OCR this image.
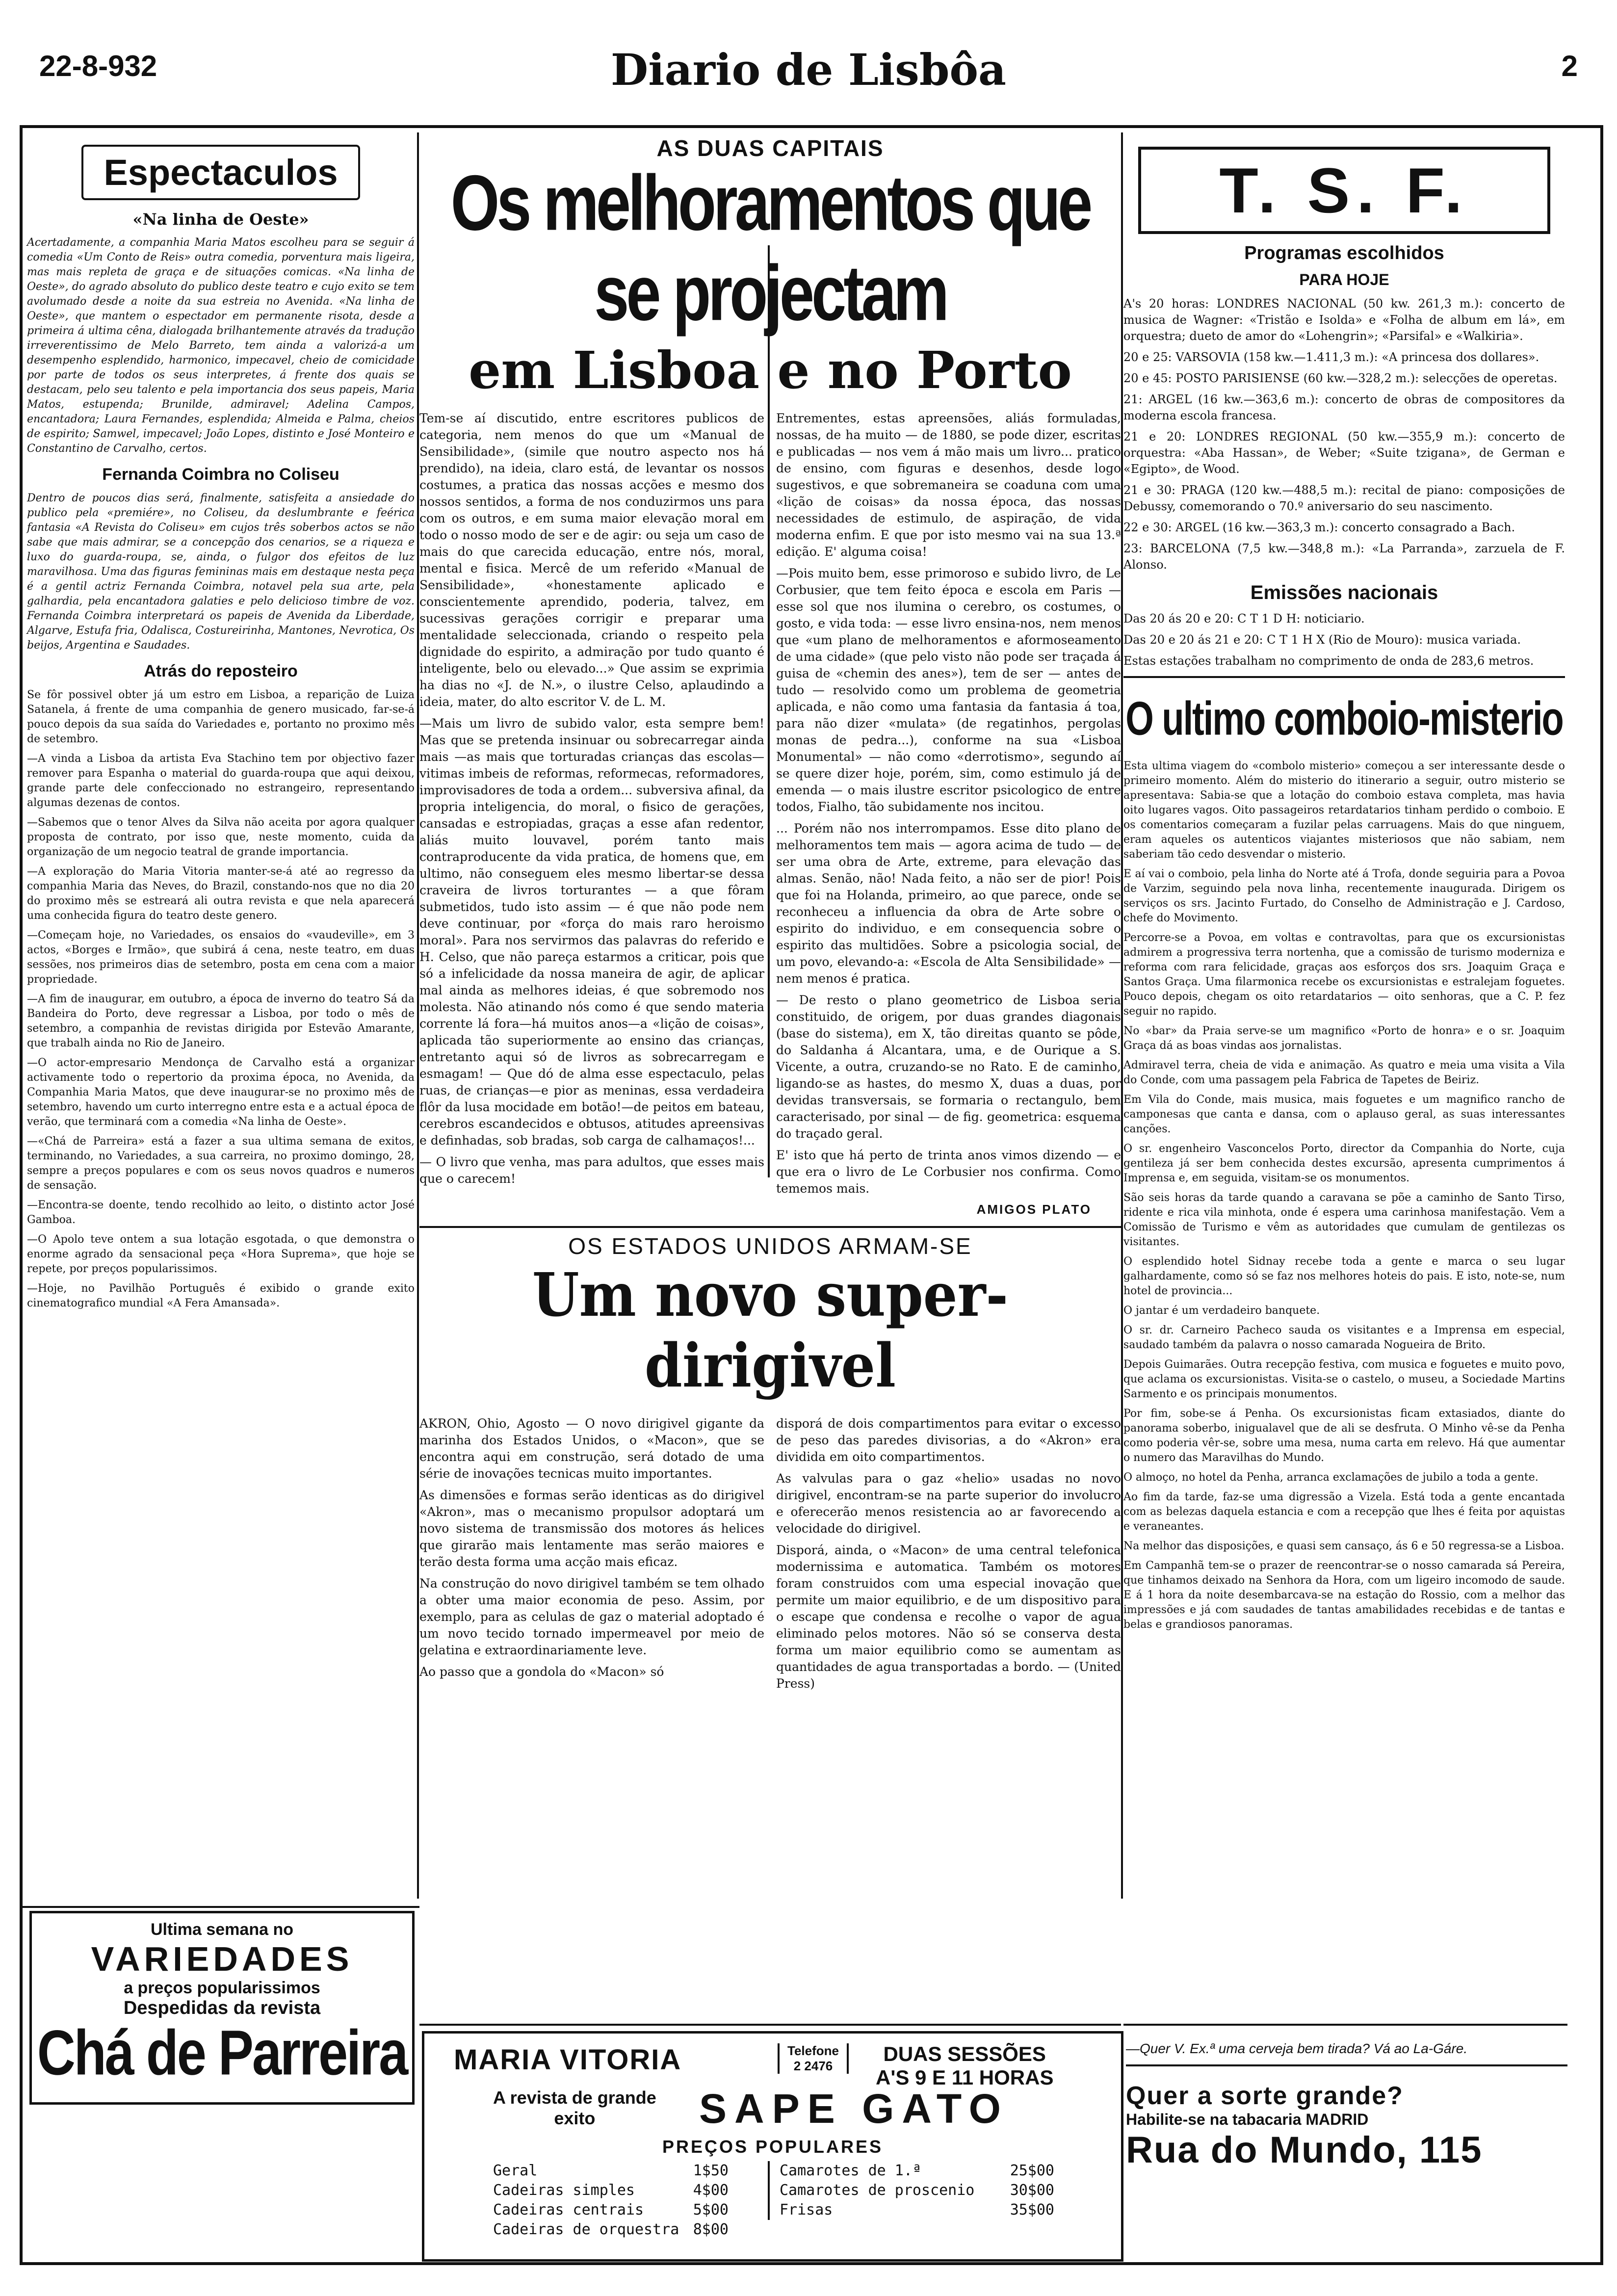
22-8-932	Diario de Lisbôa	2
Espectaculos
«Na linha de Oeste»

Acertadamente, a companhia Maria Matos escolheu para se seguir á comedia «Um Conto de Reis» outra comedia, porventura mais ligeira, mas mais repleta de graça e de situações comicas. «Na linha de Oeste», do agrado absoluto do publico deste teatro e cujo exito se tem avolumado desde a noite da sua estreia no Avenida. «Na linha de Oeste», que mantem o espectador em permanente risota, desde a primeira á ultima cêna, dialogada brilhantemente através da tradução irreverentissimo de Melo Barreto, tem ainda a valorizá-a um desempenho esplendido, harmonico, impecavel, cheio de comicidade por parte de todos os seus interpretes, á frente dos quais se destacam, pelo seu talento e pela importancia dos seus papeis, Maria Matos, estupenda; Brunilde, admiravel; Adelina Campos, encantadora; Laura Fernandes, esplendida; Almeida e Palma, cheios de espirito; Samwel, impecavel; João Lopes, distinto e José Monteiro e Constantino de Carvalho, certos.

Fernanda Coimbra no Coliseu

Dentro de poucos dias será, finalmente, satisfeita a ansiedade do publico pela «premiére», no Coliseu, da deslumbrante e feérica fantasia «A Revista do Coliseu» em cujos três soberbos actos se não sabe que mais admirar, se a concepção dos cenarios, se a riqueza e luxo do guarda-roupa, se, ainda, o fulgor dos efeitos de luz maravilhosa. Uma das figuras femininas mais em destaque nesta peça é a gentil actriz Fernanda Coimbra, notavel pela sua arte, pela galhardia, pela encantadora galaties e pelo delicioso timbre de voz. Fernanda Coimbra interpretará os papeis de Avenida da Liberdade, Algarve, Estufa fria, Odalisca, Costureirinha, Mantones, Nevrotica, Os beijos, Argentina e Saudades.

Atrás do reposteiro

Se fôr possivel obter já um estro em Lisboa, a reparição de Luiza Satanela, á frente de uma companhia de genero musicado, far-se-á pouco depois da sua saída do Variedades e, portanto no proximo mês de setembro.

—A vinda a Lisboa da artista Eva Stachino tem por objectivo fazer remover para Espanha o material do guarda-roupa que aqui deixou, grande parte dele confeccionado no estrangeiro, representando algumas dezenas de contos.

—Sabemos que o tenor Alves da Silva não aceita por agora qualquer proposta de contrato, por isso que, neste momento, cuida da organização de um negocio teatral de grande importancia.

—A exploração do Maria Vitoria manter-se-á até ao regresso da companhia Maria das Neves, do Brazil, constando-nos que no dia 20 do proximo mês se estreará ali outra revista e que nela aparecerá uma conhecida figura do teatro deste genero.

—Começam hoje, no Variedades, os ensaios do «vaudeville», em 3 actos, «Borges e Irmão», que subirá á cena, neste teatro, em duas sessões, nos primeiros dias de setembro, posta em cena com a maior propriedade.

—A fim de inaugurar, em outubro, a época de inverno do teatro Sá da Bandeira do Porto, deve regressar a Lisboa, por todo o mês de setembro, a companhia de revistas dirigida por Estevão Amarante, que trabalh ainda no Rio de Janeiro.

—O actor-empresario Mendonça de Carvalho está a organizar activamente todo o repertorio da proxima época, no Avenida, da Companhia Maria Matos, que deve inaugurar-se no proximo mês de setembro, havendo um curto interregno entre esta e a actual época de verão, que terminará com a comedia «Na linha de Oeste».

—«Chá de Parreira» está a fazer a sua ultima semana de exitos, terminando, no Variedades, a sua carreira, no proximo domingo, 28, sempre a preços populares e com os seus novos quadros e numeros de sensação.

—Encontra-se doente, tendo recolhido ao leito, o distinto actor José Gamboa.

—O Apolo teve ontem a sua lotação esgotada, o que demonstra o enorme agrado da sensacional peça «Hora Suprema», que hoje se repete, por preços popularissimos.

—Hoje, no Pavilhão Português é exibido o grande exito cinematografico mundial «A Fera Amansada».

Ultima semana no
VARIEDADES
a preços popularissimos
Despedidas da revista
Chá de Parreira
AS DUAS CAPITAIS
Os melhoramentos que se projectam
em Lisboa e no Porto

Tem-se aí discutido, entre escritores publicos de categoria, nem menos do que um «Manual de Sensibilidade», (simile que noutro aspecto nos há prendido), na ideia, claro está, de levantar os nossos costumes, a pratica das nossas acções e mesmo dos nossos sentidos, a forma de nos conduzirmos uns para com os outros, e em suma maior elevação moral em todo o nosso modo de ser e de agir: ou seja um caso de mais do que carecida educação, entre nós, moral, mental e fisica. Mercê de um referido «Manual de Sensibilidade», «honestamente aplicado e conscientemente aprendido, poderia, talvez, em sucessivas gerações corrigir e preparar uma mentalidade seleccionada, criando o respeito pela dignidade do espirito, a admiração por tudo quanto é inteligente, belo ou elevado...» Que assim se exprimia ha dias no «J. de N.», o ilustre Celso, aplaudindo a ideia, mater, do alto escritor V. de L. M.

—Mais um livro de subido valor, esta sempre bem! Mas que se pretenda insinuar ou sobrecarregar ainda mais —as mais que torturadas crianças das escolas—vitimas imbeis de reformas, reformecas, reformadores, improvisadores de toda a ordem... subversiva afinal, da propria inteligencia, do moral, o fisico de gerações, cansadas e estropiadas, graças a esse afan redentor, aliás muito louvavel, porém tanto mais contraproducente da vida pratica, de homens que, em ultimo, não conseguem eles mesmo libertar-se dessa craveira de livros torturantes — a que fôram submetidos, tudo isto assim — é que não pode nem deve continuar, por «força do mais raro heroismo moral». Para nos servirmos das palavras do referido e H. Celso, que não pareça estarmos a criticar, pois que só a infelicidade da nossa maneira de agir, de aplicar mal ainda as melhores ideias, é que sobremodo nos molesta. Não atinando nós como é que sendo materia corrente lá fora—há muitos anos—a «lição de coisas», aplicada tão superiormente ao ensino das crianças, entretanto aqui só de livros as sobrecarregam e esmagam! — Que dó de alma esse espectaculo, pelas ruas, de crianças—e pior as meninas, essa verdadeira flôr da lusa mocidade em botão!—de peitos em bateau, cerebros escandecidos e obtusos, atitudes apreensivas e definhadas, sob bradas, sob carga de calhamaços!...

— O livro que venha, mas para adultos, que esses mais que o carecem!

Entrementes, estas apreensões, aliás formuladas, nossas, de ha muito — de 1880, se pode dizer, escritas e publicadas — nos vem á mão mais um livro... pratico de ensino, com figuras e desenhos, desde logo sugestivos, e que sobremaneira se coaduna com uma «lição de coisas» da nossa época, das nossas necessidades de estimulo, de aspiração, de vida moderna enfim. E que por isto mesmo vai na sua 13.ª edição. E' alguma coisa!

—Pois muito bem, esse primoroso e subido livro, de Le Corbusier, que tem feito época e escola em Paris — esse sol que nos ilumina o cerebro, os costumes, o gosto, e vida toda: — esse livro ensina-nos, nem menos que «um plano de melhoramentos e aformoseamento de uma cidade» (que pelo visto não pode ser traçada á guisa de «chemin des anes»), tem de ser — antes de tudo — resolvido como um problema de geometria aplicada, e não como uma fantasia da fantasia á toa, para não dizer «mulata» (de regatinhos, pergolas monas de pedra...), conforme na sua «Lisboa Monumental» — não como «derrotismo», segundo aí se quere dizer hoje, porém, sim, como estimulo já de emenda — o mais ilustre escritor psicologico de entre todos, Fialho, tão subidamente nos incitou.

... Porém não nos interrompamos. Esse dito plano de melhoramentos tem mais — agora acima de tudo — de ser uma obra de Arte, extreme, para elevação das almas. Senão, não! Nada feito, a não ser de pior! Pois que foi na Holanda, primeiro, ao que parece, onde se reconheceu a influencia da obra de Arte sobre o espirito do individuo, e em consequencia sobre o espirito das multidões. Sobre a psicologia social, de um povo, elevando-a: «Escola de Alta Sensibilidade» — nem menos é pratica.

— De resto o plano geometrico de Lisboa seria constituido, de origem, por duas grandes diagonais (base do sistema), em X, tão direitas quanto se pôde, do Saldanha á Alcantara, uma, e de Ourique a S. Vicente, a outra, cruzando-se no Rato. E de caminho, ligando-se as hastes, do mesmo X, duas a duas, por devidas transversais, se formaria o rectangulo, bem caracterisado, por sinal — de fig. geometrica: esquema do traçado geral.

E' isto que há perto de trinta anos vimos dizendo — e que era o livro de Le Corbusier nos confirma. Como tememos mais.

AMIGOS PLATO
OS ESTADOS UNIDOS ARMAM-SE
Um novo super-dirigivel

AKRON, Ohio, Agosto — O novo dirigivel gigante da marinha dos Estados Unidos, o «Macon», que se encontra aqui em construção, será dotado de uma série de inovações tecnicas muito importantes.

As dimensões e formas serão identicas as do dirigivel «Akron», mas o mecanismo propulsor adoptará um novo sistema de transmissão dos motores ás helices que girarão mais lentamente mas serão maiores e terão desta forma uma acção mais eficaz.

Na construção do novo dirigivel também se tem olhado a obter uma maior economia de peso. Assim, por exemplo, para as celulas de gaz o material adoptado é um novo tecido tornado impermeavel por meio de gelatina e extraordinariamente leve.

Ao passo que a gondola do «Macon» só

disporá de dois compartimentos para evitar o excesso de peso das paredes divisorias, a do «Akron» era dividida em oito compartimentos.

As valvulas para o gaz «helio» usadas no novo dirigivel, encontram-se na parte superior do involucro e oferecerão menos resistencia ao ar favorecendo a velocidade do dirigivel.

Disporá, ainda, o «Macon» de uma central telefonica modernissima e automatica. Também os motores foram construidos com uma especial inovação que permite um maior equilibrio, e de um dispositivo para o escape que condensa e recolhe o vapor de agua eliminado pelos motores. Não só se conserva desta forma um maior equilibrio como se aumentam as quantidades de agua transportadas a bordo. — (United Press)

MARIA VITORIA	Telefone
2 2476
DUAS SESSÕES
A'S 9 E 11 HORAS
A revista de grande
exito	SAPE GATO
PREÇOS POPULARES
Geral	1$50
Cadeiras simples	4$00
Cadeiras centrais	5$00
Cadeiras de orquestra 8$00
Camarotes de 1.ª	25$00
Camarotes de proscenio 30$00
Frisas	35$00
T. S. F.
Programas escolhidos
PARA HOJE

A's 20 horas: LONDRES NACIONAL (50 kw. 261,3 m.): concerto de musica de Wagner: «Tristão e Isolda» e «Folha de album em lá», em orquestra; dueto de amor do «Lohengrin»; «Parsifal» e «Walkiria».

20 e 25: VARSOVIA (158 kw.—1.411,3 m.): «A princesa dos dollares».

20 e 45: POSTO PARISIENSE (60 kw.—328,2 m.): selecções de operetas.

21: ARGEL (16 kw.—363,6 m.): concerto de obras de compositores da moderna escola francesa.

21 e 20: LONDRES REGIONAL (50 kw.—355,9 m.): concerto de orquestra: «Aba Hassan», de Weber; «Suite tzigana», de German e «Egipto», de Wood.

21 e 30: PRAGA (120 kw.—488,5 m.): recital de piano: composições de Debussy, comemorando o 70.º aniversario do seu nascimento.

22 e 30: ARGEL (16 kw.—363,3 m.): concerto consagrado a Bach.

23: BARCELONA (7,5 kw.—348,8 m.): «La Parranda», zarzuela de F. Alonso.

Emissões nacionais

Das 20 ás 20 e 20: C T 1 D H: noticiario.

Das 20 e 20 ás 21 e 20: C T 1 H X (Rio de Mouro): musica variada.

Estas estações trabalham no comprimento de onda de 283,6 metros.

O ultimo comboio-misterio

Esta ultima viagem do «combolo misterio» começou a ser interessante desde o primeiro momento. Além do misterio do itinerario a seguir, outro misterio se apresentava: Sabia-se que a lotação do comboio estava completa, mas havia oito lugares vagos. Oito passageiros retardatarios tinham perdido o comboio. E os comentarios começaram a fuzilar pelas carruagens. Mais do que ninguem, eram aqueles os autenticos viajantes misteriosos que não sabiam, nem saberiam tão cedo desvendar o misterio.

E aí vai o comboio, pela linha do Norte até á Trofa, donde seguiria para a Povoa de Varzim, seguindo pela nova linha, recentemente inaugurada. Dirigem os serviços os srs. Jacinto Furtado, do Conselho de Administração e J. Cardoso, chefe do Movimento.

Percorre-se a Povoa, em voltas e contravoltas, para que os excursionistas admirem a progressiva terra nortenha, que a comissão de turismo moderniza e reforma com rara felicidade, graças aos esforços dos srs. Joaquim Graça e Santos Graça. Uma filarmonica recebe os excursionistas e estralejam foguetes. Pouco depois, chegam os oito retardatarios — oito senhoras, que a C. P. fez seguir no rapido.

No «bar» da Praia serve-se um magnifico «Porto de honra» e o sr. Joaquim Graça dá as boas vindas aos jornalistas.

Admiravel terra, cheia de vida e animação. As quatro e meia uma visita a Vila do Conde, com uma passagem pela Fabrica de Tapetes de Beiriz.

Em Vila do Conde, mais musica, mais foguetes e um magnifico rancho de camponesas que canta e dansa, com o aplauso geral, as suas interessantes canções.

O sr. engenheiro Vasconcelos Porto, director da Companhia do Norte, cuja gentileza já ser bem conhecida destes excursão, apresenta cumprimentos á Imprensa e, em seguida, visitam-se os monumentos.

São seis horas da tarde quando a caravana se põe a caminho de Santo Tirso, ridente e rica vila minhota, onde é espera uma carinhosa manifestação. Vem a Comissão de Turismo e vêm as autoridades que cumulam de gentilezas os visitantes.

O esplendido hotel Sidnay recebe toda a gente e marca o seu lugar galhardamente, como só se faz nos melhores hoteis do pais. E isto, note-se, num hotel de provincia...

O jantar é um verdadeiro banquete.

O sr. dr. Carneiro Pacheco sauda os visitantes e a Imprensa em especial, saudado também da palavra o nosso camarada Nogueira de Brito.

Depois Guimarães. Outra recepção festiva, com musica e foguetes e muito povo, que aclama os excursionistas. Visita-se o castelo, o museu, a Sociedade Martins Sarmento e os principais monumentos.

Por fim, sobe-se á Penha. Os excursionistas ficam extasiados, diante do panorama soberbo, inigualavel que de ali se desfruta. O Minho vê-se da Penha como poderia vêr-se, sobre uma mesa, numa carta em relevo. Há que aumentar o numero das Maravilhas do Mundo.

O almoço, no hotel da Penha, arranca exclamações de jubilo a toda a gente.

Ao fim da tarde, faz-se uma digressão a Vizela. Está toda a gente encantada com as belezas daquela estancia e com a recepção que lhes é feita por aquistas e veraneantes.

Na melhor das disposições, e quasi sem cansaço, ás 6 e 50 regressa-se a Lisboa.

Em Campanhã tem-se o prazer de reencontrar-se o nosso camarada sá Pereira, que tinhamos deixado na Senhora da Hora, com um ligeiro incomodo de saude. E á 1 hora da noite desembarcava-se na estação do Rossio, com a melhor das impressões e já com saudades de tantas amabilidades recebidas e de tantas e belas e grandiosos panoramas.

—Quer V. Ex.ª uma cerveja bem tirada? Vá ao La-Gáre.
Quer a sorte grande?
Habilite-se na tabacaria MADRID
Rua do Mundo, 115
